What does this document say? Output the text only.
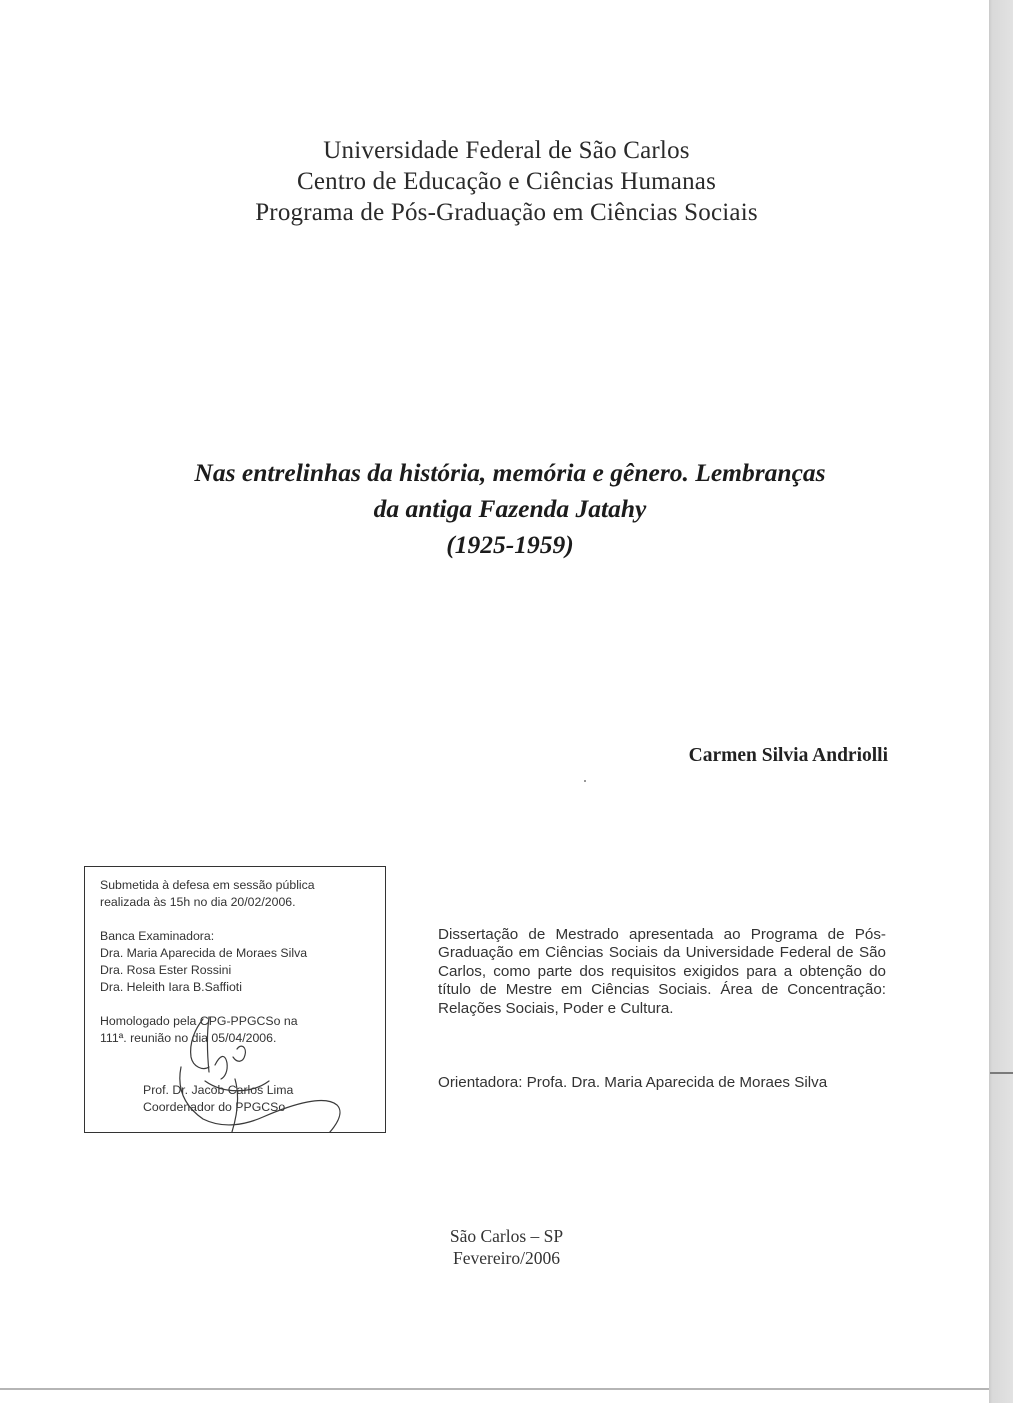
Universidade Federal de São Carlos
Centro de Educação e Ciências Humanas
Programa de Pós-Graduação em Ciências Sociais
Nas entrelinhas da história, memória e gênero. Lembranças
da antiga Fazenda Jatahy
(1925-1959)
Carmen Silvia Andriolli
Submetida à defesa em sessão pública
realizada às 15h no dia 20/02/2006.
Banca Examinadora:
Dra. Maria Aparecida de Moraes Silva
Dra. Rosa Ester Rossini
Dra. Heleith Iara B.Saffioti
Homologado pela CPG-PPGCSo na
111ª. reunião no dia 05/04/2006.
Prof. Dr. Jacob Carlos Lima
Coordenador do PPGCSo
Dissertação de Mestrado apresentada ao Programa de Pós-Graduação em Ciências Sociais da Universidade Federal de São Carlos, como parte dos requisitos exigidos para a obtenção do título de Mestre em Ciências Sociais. Área de Concentração: Relações Sociais, Poder e Cultura.
Orientadora: Profa. Dra. Maria Aparecida de Moraes Silva
São Carlos – SP
Fevereiro/2006
